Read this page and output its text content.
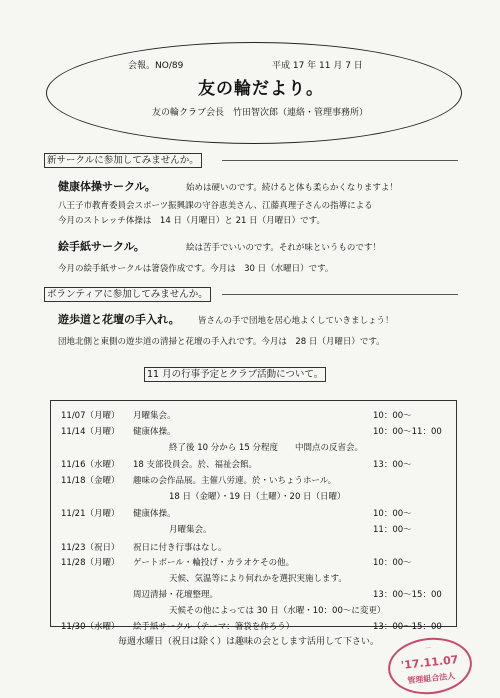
会報。NO/89	平成 17 年 11 月 7 日
友の輪だより。
友の輪クラブ会長　竹田智次郎（連絡・管理事務所）
新サークルに参加してみませんか。
健康体操サークル。	始めは硬いのです。続けると体も柔らかくなりますよ！
八王子市教育委員会スポーツ振興課の守谷恵美さん、江藤真理子さんの指導による
今月のストレッチ体操は　14 日（月曜日）と 21 日（月曜日）です。
絵手紙サークル。	絵は苦手でいいのです。それが味というものです！
今月の絵手紙サークルは箸袋作成です。今月は　30 日（水曜日）です。
ボランティアに参加してみませんか。
遊歩道と花壇の手入れ。 皆さんの手で団地を居心地よくしていきましょう！
団地北側と東側の遊歩道の清掃と花壇の手入れです。今月は　28 日（月曜日）です。
11 月の行事予定とクラブ活動について。
11/07（月曜） 月曜集会。	10：00～
11/14（月曜） 健康体操。	10：00～11：00
終了後 10 分から 15 分程度　　中間点の反省会。
11/16（水曜） 18 支部役員会。於、福祉会館。	13：00～
11/18（金曜） 趣味の会作品展。主催八労連。於・いちょうホール。
18 日（金曜）・19 日（土曜）・20 日（日曜）
11/21（月曜） 健康体操。	10：00～
月曜集会。	11：00～
11/23（祝日） 祝日に付き行事はなし。
11/28（月曜） ゲートボール・輪投げ・カラオケその他。	10：00～
天候、気温等により何れかを選択実施します。
周辺清掃・花壇整理。	13：00～15：00
天候その他によっては 30 日（水曜・10：00～に変更）
11/30（水曜） 絵手紙サークル（テーマ：箸袋を作ろう）	13：00～15：00
毎週水曜日（祝日は除く）は趣味の会とします活用して下さい。	…
'17.11.07
管理組合法人
